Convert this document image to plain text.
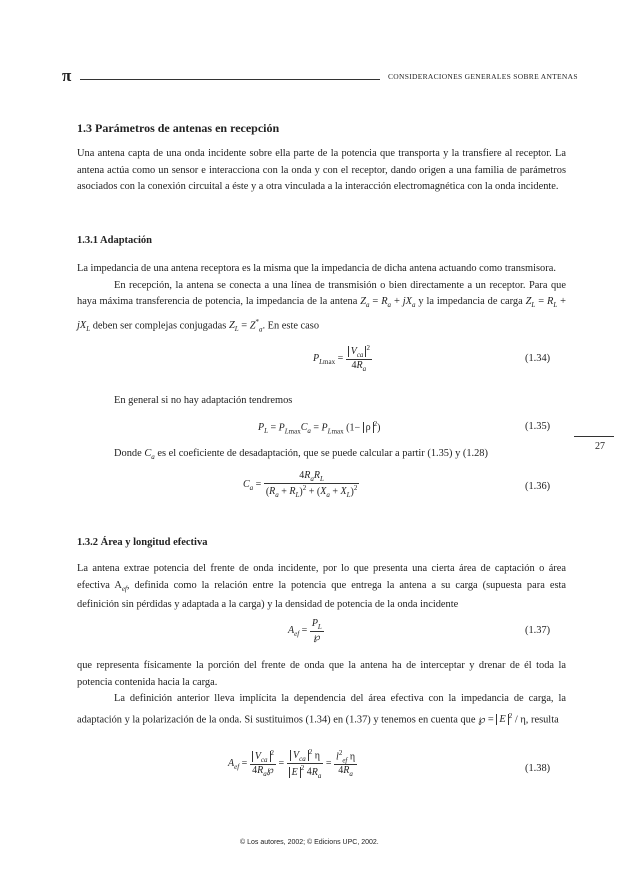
π	CONSIDERACIONES GENERALES SOBRE ANTENAS
1.3 Parámetros de antenas en recepción

Una antena capta de una onda incidente sobre ella parte de la potencia que transporta y la transfiere al receptor. La antena actúa como un sensor e interacciona con la onda y con el receptor, dando origen a una familia de parámetros asociados con la conexión circuital a éste y a otra vinculada a la interacción electromagnética con la onda incidente.

1.3.1 Adaptación

La impedancia de una antena receptora es la misma que la impedancia de dicha antena actuando como transmisora.

En recepción, la antena se conecta a una línea de transmisión o bien directamente a un receptor. Para que haya máxima transferencia de potencia, la impedancia de la antena $Z_a = R_a + jX_a$ y la impedancia de carga $Z_L = R_L + jX_L$ deben ser complejas conjugadas $Z_L = Z^*_a$. En este caso

$P_{Lmax} = \frac{V_{ca}^2}{4R_a}$	(1.34)
En general si no hay adaptación tendremos
$P_L = P_{Lmax}C_a = P_{Lmax}$ (1− ρ $^2$)	(1.35)
Donde $C_a$ es el coeficiente de desadaptación, que se puede calcular a partir (1.35) y (1.28)
$C_a = \frac{4R_aR_L}{(R_a + R_L)^2 + (X_a + X_L)^2}$	(1.36)
27
1.3.2 Área y longitud efectiva
La antena extrae potencia del frente de onda incidente, por lo que presenta una cierta área de captación o área efectiva $A_{ef}$, definida como la relación entre la potencia que entrega la antena a su carga (supuesta para esta definición sin pérdidas y adaptada a la carga) y la densidad de potencia de la onda incidente
$A_{ef} = \frac{P_L}{℘}$	(1.37)

que representa físicamente la porción del frente de onda que la antena ha de interceptar y drenar de él toda la potencia contenida hacia la carga.

La definición anterior lleva implícita la dependencia del área efectiva con la impedancia de carga, la adaptación y la polarización de la onda. Si sustituimos (1.34) en (1.37) y tenemos en cuenta que ℘ = E $^2$ / η, resulta

$A_{ef} = \frac{V_{ca}^2}{4R_a℘} = \frac{V_{ca}^2 \eta}{E ^2 4R_a} = \frac{l^2_{ef} \eta}{4R_a}$	(1.38)
© Los autores, 2002; © Edicions UPC, 2002.
